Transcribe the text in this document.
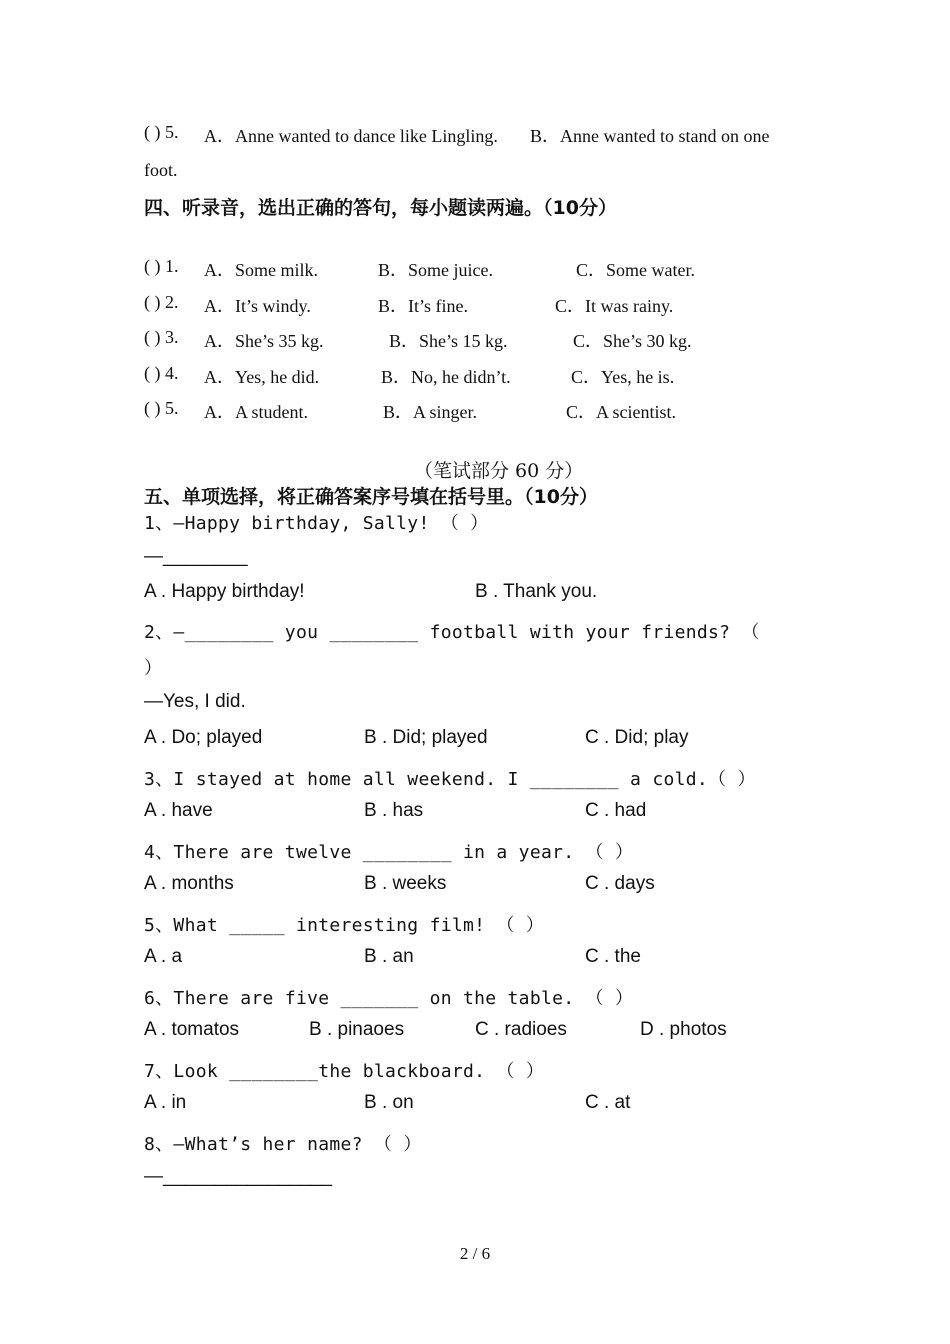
( ) 5. A．Anne wanted to dance like Lingling. B．Anne wanted to stand on one
foot.
四、听录音，选出正确的答句，每小题读两遍。（10分）
( ) 1. A．Some milk.	B．Some juice.	C．Some water.
( ) 2. A．It’s windy.	B．It’s fine.	C．It was rainy.
( ) 3. A．She’s 35 kg.	B．She’s 15 kg.	C．She’s 30 kg.
( ) 4. A．Yes, he did.	B．No, he didn’t.	C．Yes, he is.
( ) 5. A．A student.	B．A singer.	C．A scientist.
（笔试部分 60 分）
五、单项选择，将正确答案序号填在括号里。（10分）
1、—Happy birthday, Sally! （ ）
—________
A . Happy birthday!	B . Thank you.
2、—________ you ________ football with your friends? （
）
—Yes, I did.
A . Do; played	B . Did; played	C . Did; play
3、I stayed at home all weekend. I ________ a cold.（ ）
A . have	B . has	C . had
4、There are twelve ________ in a year. （ ）
A . months	B . weeks	C . days
5、What _____ interesting film! （ ）
A . a	B . an	C . the
6、There are five _______ on the table. （ ）
A . tomatos	B . pinaoes	C . radioes	D . photos
7、Look ________the blackboard. （ ）
A . in	B . on	C . at
8、—What’s her name? （ ）
—________________
2 / 6
